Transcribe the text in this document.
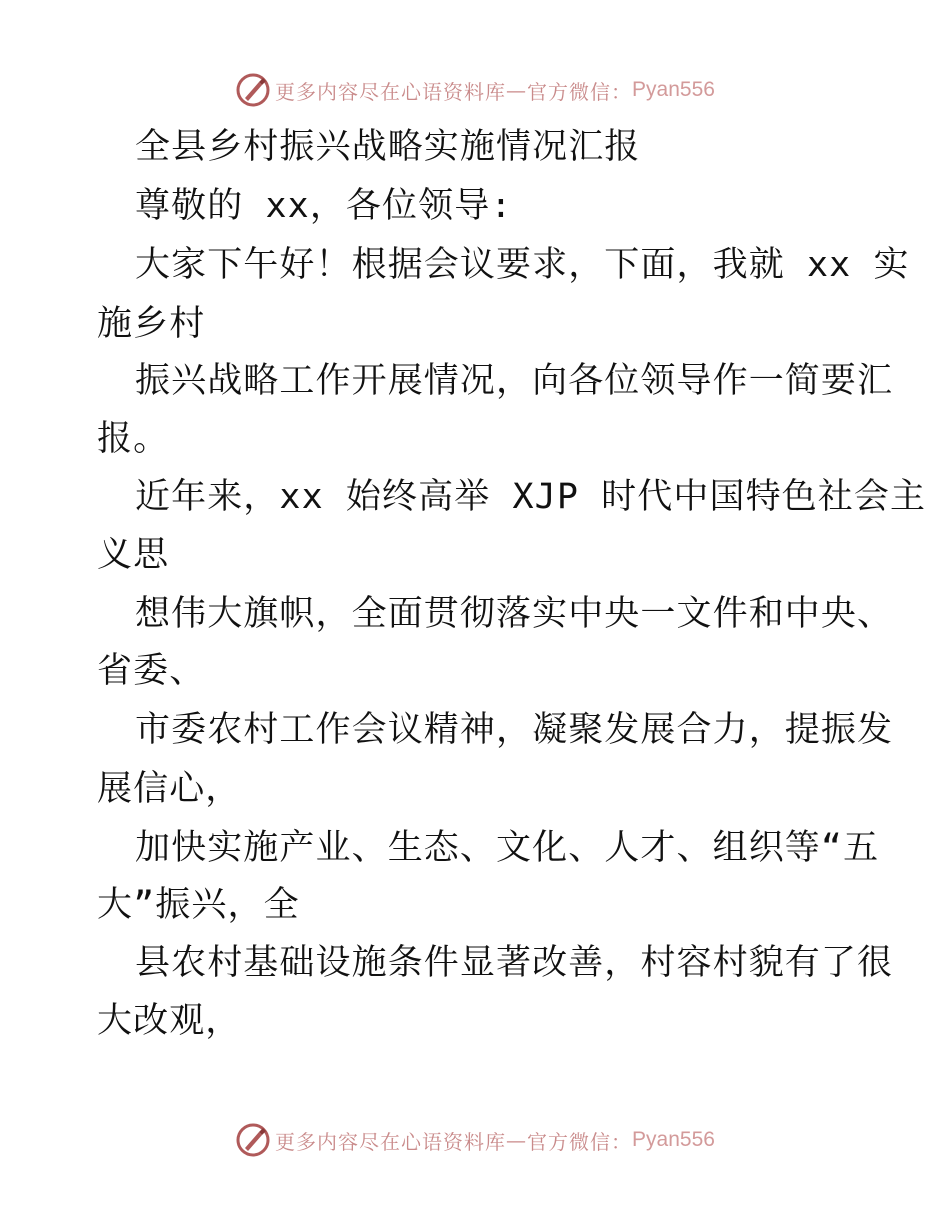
更多内容尽在心语资料库 — 官方微信： Pyan556
全县乡村振兴战略实施情况汇报
尊敬的 xx，各位领导:
大家下午好！根据会议要求，下面，我就 xx 实
施乡村
振兴战略工作开展情况，向各位领导作一简要汇
报。
近年来，xx 始终高举 XJP 时代中国特色社会主
义思
想伟大旗帜，全面贯彻落实中央一文件和中央、
省委、
市委农村工作会议精神，凝聚发展合力，提振发
展信心，
加快实施产业、生态、文化、人才、组织等“五
大”振兴，全
县农村基础设施条件显著改善，村容村貌有了很
大改观，
更多内容尽在心语资料库 — 官方微信： Pyan556
